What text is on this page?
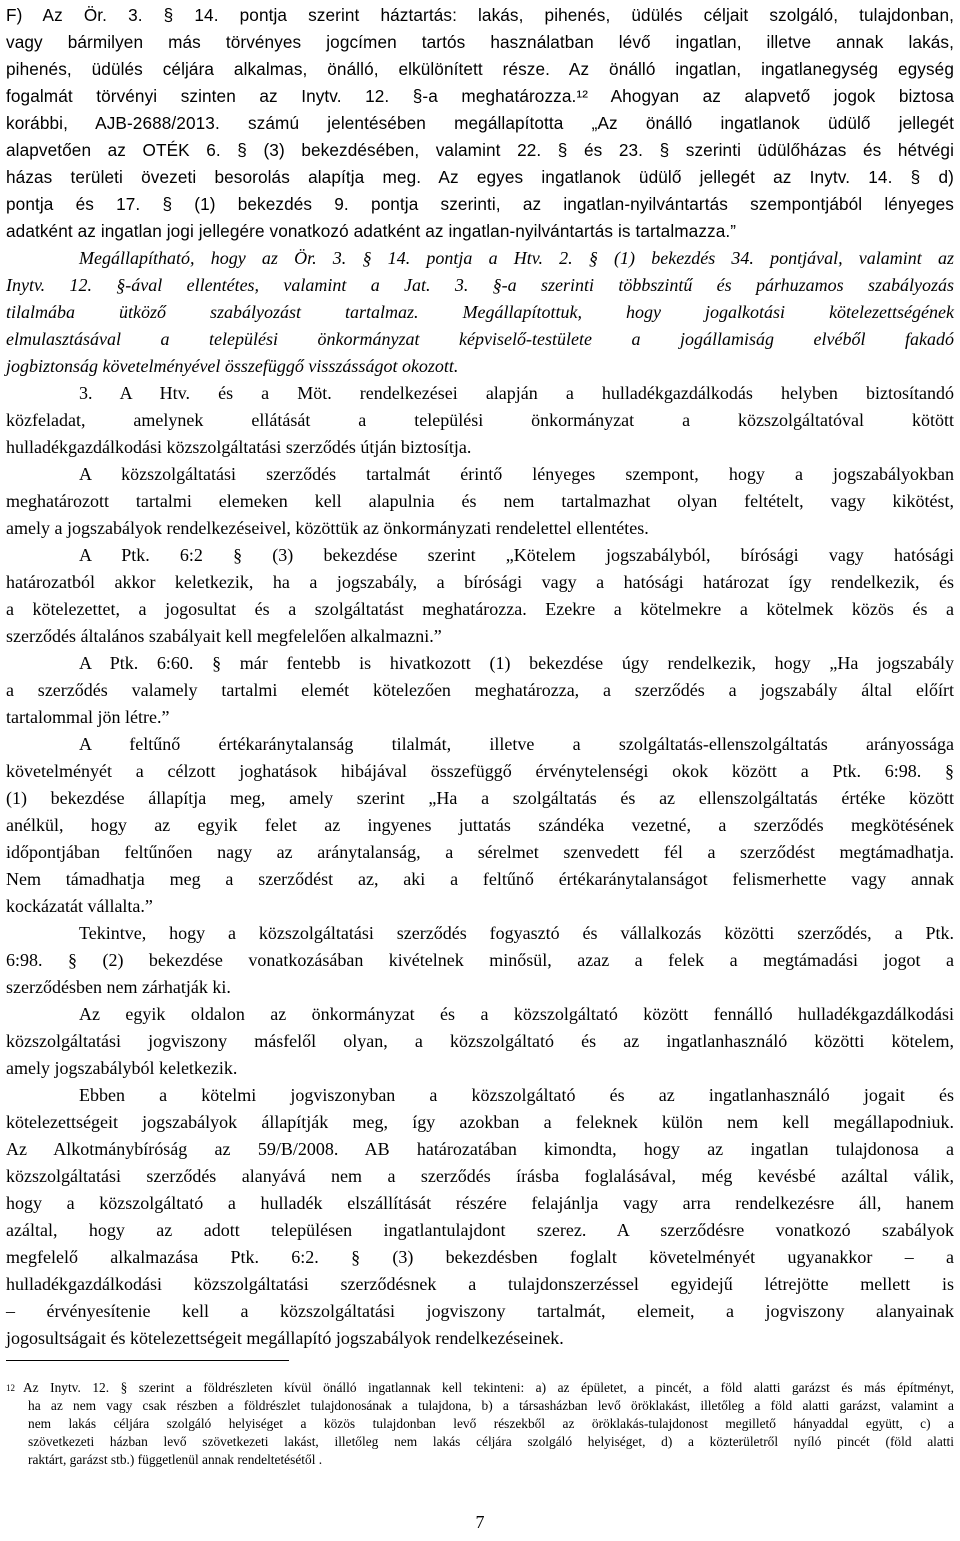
F) Az Ör. 3. § 14. pontja szerint háztartás: lakás, pihenés, üdülés céljait szolgáló, tulajdonban,
vagy bármilyen más törvényes jogcímen tartós használatban lévő ingatlan, illetve annak lakás,
pihenés, üdülés céljára alkalmas, önálló, elkülönített része. Az önálló ingatlan, ingatlanegység egység
fogalmát törvényi szinten az Inytv. 12. §-a meghatározza.¹² Ahogyan az alapvető jogok biztosa
korábbi, AJB-2688/2013. számú jelentésében megállapította „Az önálló ingatlanok üdülő jellegét
alapvetően az OTÉK 6. § (3) bekezdésében, valamint 22. § és 23. § szerinti üdülőházas és hétvégi
házas területi övezeti besorolás alapítja meg. Az egyes ingatlanok üdülő jellegét az Inytv. 14. § d)
pontja és 17. § (1) bekezdés 9. pontja szerinti, az ingatlan-nyilvántartás szempontjából lényeges
adatként az ingatlan jogi jellegére vonatkozó adatként az ingatlan-nyilvántartás is tartalmazza.”
Megállapítható, hogy az Ör. 3. § 14. pontja a Htv. 2. § (1) bekezdés 34. pontjával, valamint az
Inytv. 12. §-ával ellentétes, valamint a Jat. 3. §-a szerinti többszintű és párhuzamos szabályozás
tilalmába ütköző szabályozást tartalmaz. Megállapítottuk, hogy jogalkotási kötelezettségének
elmulasztásával a települési önkormányzat képviselő-testülete a jogállamiság elvéből fakadó
jogbiztonság követelményével összefüggő visszásságot okozott.
3. A Htv. és a Möt. rendelkezései alapján a hulladékgazdálkodás helyben biztosítandó
közfeladat, amelynek ellátását a települési önkormányzat a közszolgáltatóval kötött
hulladékgazdálkodási közszolgáltatási szerződés útján biztosítja.
A közszolgáltatási szerződés tartalmát érintő lényeges szempont, hogy a jogszabályokban
meghatározott tartalmi elemeken kell alapulnia és nem tartalmazhat olyan feltételt, vagy kikötést,
amely a jogszabályok rendelkezéseivel, közöttük az önkormányzati rendelettel ellentétes.
A Ptk. 6:2 § (3) bekezdése szerint „Kötelem jogszabályból, bírósági vagy hatósági
határozatból akkor keletkezik, ha a jogszabály, a bírósági vagy a hatósági határozat így rendelkezik, és
a kötelezettet, a jogosultat és a szolgáltatást meghatározza. Ezekre a kötelmekre a kötelmek közös és a
szerződés általános szabályait kell megfelelően alkalmazni.”
A Ptk. 6:60. § már fentebb is hivatkozott (1) bekezdése úgy rendelkezik, hogy „Ha jogszabály
a szerződés valamely tartalmi elemét kötelezően meghatározza, a szerződés a jogszabály által előírt
tartalommal jön létre.”
A feltűnő értékaránytalanság tilalmát, illetve a szolgáltatás-ellenszolgáltatás arányossága
követelményét a célzott joghatások hibájával összefüggő érvénytelenségi okok között a Ptk. 6:98. §
(1) bekezdése állapítja meg, amely szerint „Ha a szolgáltatás és az ellenszolgáltatás értéke között
anélkül, hogy az egyik felet az ingyenes juttatás szándéka vezetné, a szerződés megkötésének
időpontjában feltűnően nagy az aránytalanság, a sérelmet szenvedett fél a szerződést megtámadhatja.
Nem támadhatja meg a szerződést az, aki a feltűnő értékaránytalanságot felismerhette vagy annak
kockázatát vállalta.”
Tekintve, hogy a közszolgáltatási szerződés fogyasztó és vállalkozás közötti szerződés, a Ptk.
6:98. § (2) bekezdése vonatkozásában kivételnek minősül, azaz a felek a megtámadási jogot a
szerződésben nem zárhatják ki.
Az egyik oldalon az önkormányzat és a közszolgáltató között fennálló hulladékgazdálkodási
közszolgáltatási jogviszony másfelől olyan, a közszolgáltató és az ingatlanhasználó közötti kötelem,
amely jogszabályból keletkezik.
Ebben a kötelmi jogviszonyban a közszolgáltató és az ingatlanhasználó jogait és
kötelezettségeit jogszabályok állapítják meg, így azokban a feleknek külön nem kell megállapodniuk.
Az Alkotmánybíróság az 59/B/2008. AB határozatában kimondta, hogy az ingatlan tulajdonosa a
közszolgáltatási szerződés alanyává nem a szerződés írásba foglalásával, még kevésbé azáltal válik,
hogy a közszolgáltató a hulladék elszállítását részére felajánlja vagy arra rendelkezésre áll, hanem
azáltal, hogy az adott településen ingatlantulajdont szerez. A szerződésre vonatkozó szabályok
megfelelő alkalmazása Ptk. 6:2. § (3) bekezdésben foglalt követelményét ugyanakkor – a
hulladékgazdálkodási közszolgáltatási szerződésnek a tulajdonszerzéssel egyidejű létrejötte mellett is
– érvényesítenie kell a közszolgáltatási jogviszony tartalmát, elemeit, a jogviszony alanyainak
jogosultságait és kötelezettségeit megállapító jogszabályok rendelkezéseinek.
$^{12}$ Az Inytv. 12. § szerint a földrészleten kívül önálló ingatlannak kell tekinteni: a) az épületet, a pincét, a föld alatti garázst és más építményt,
ha az nem vagy csak részben a földrészlet tulajdonosának a tulajdona, b) a társasházban levő öröklakást, illetőleg a föld alatti garázst, valamint a
nem lakás céljára szolgáló helyiséget a közös tulajdonban levő részekből az öröklakás-tulajdonost megillető hányaddal együtt, c) a
szövetkezeti házban levő szövetkezeti lakást, illetőleg nem lakás céljára szolgáló helyiséget, d) a közterületről nyíló pincét (föld alatti
raktárt, garázst stb.) függetlenül annak rendeltetésétől .
7
